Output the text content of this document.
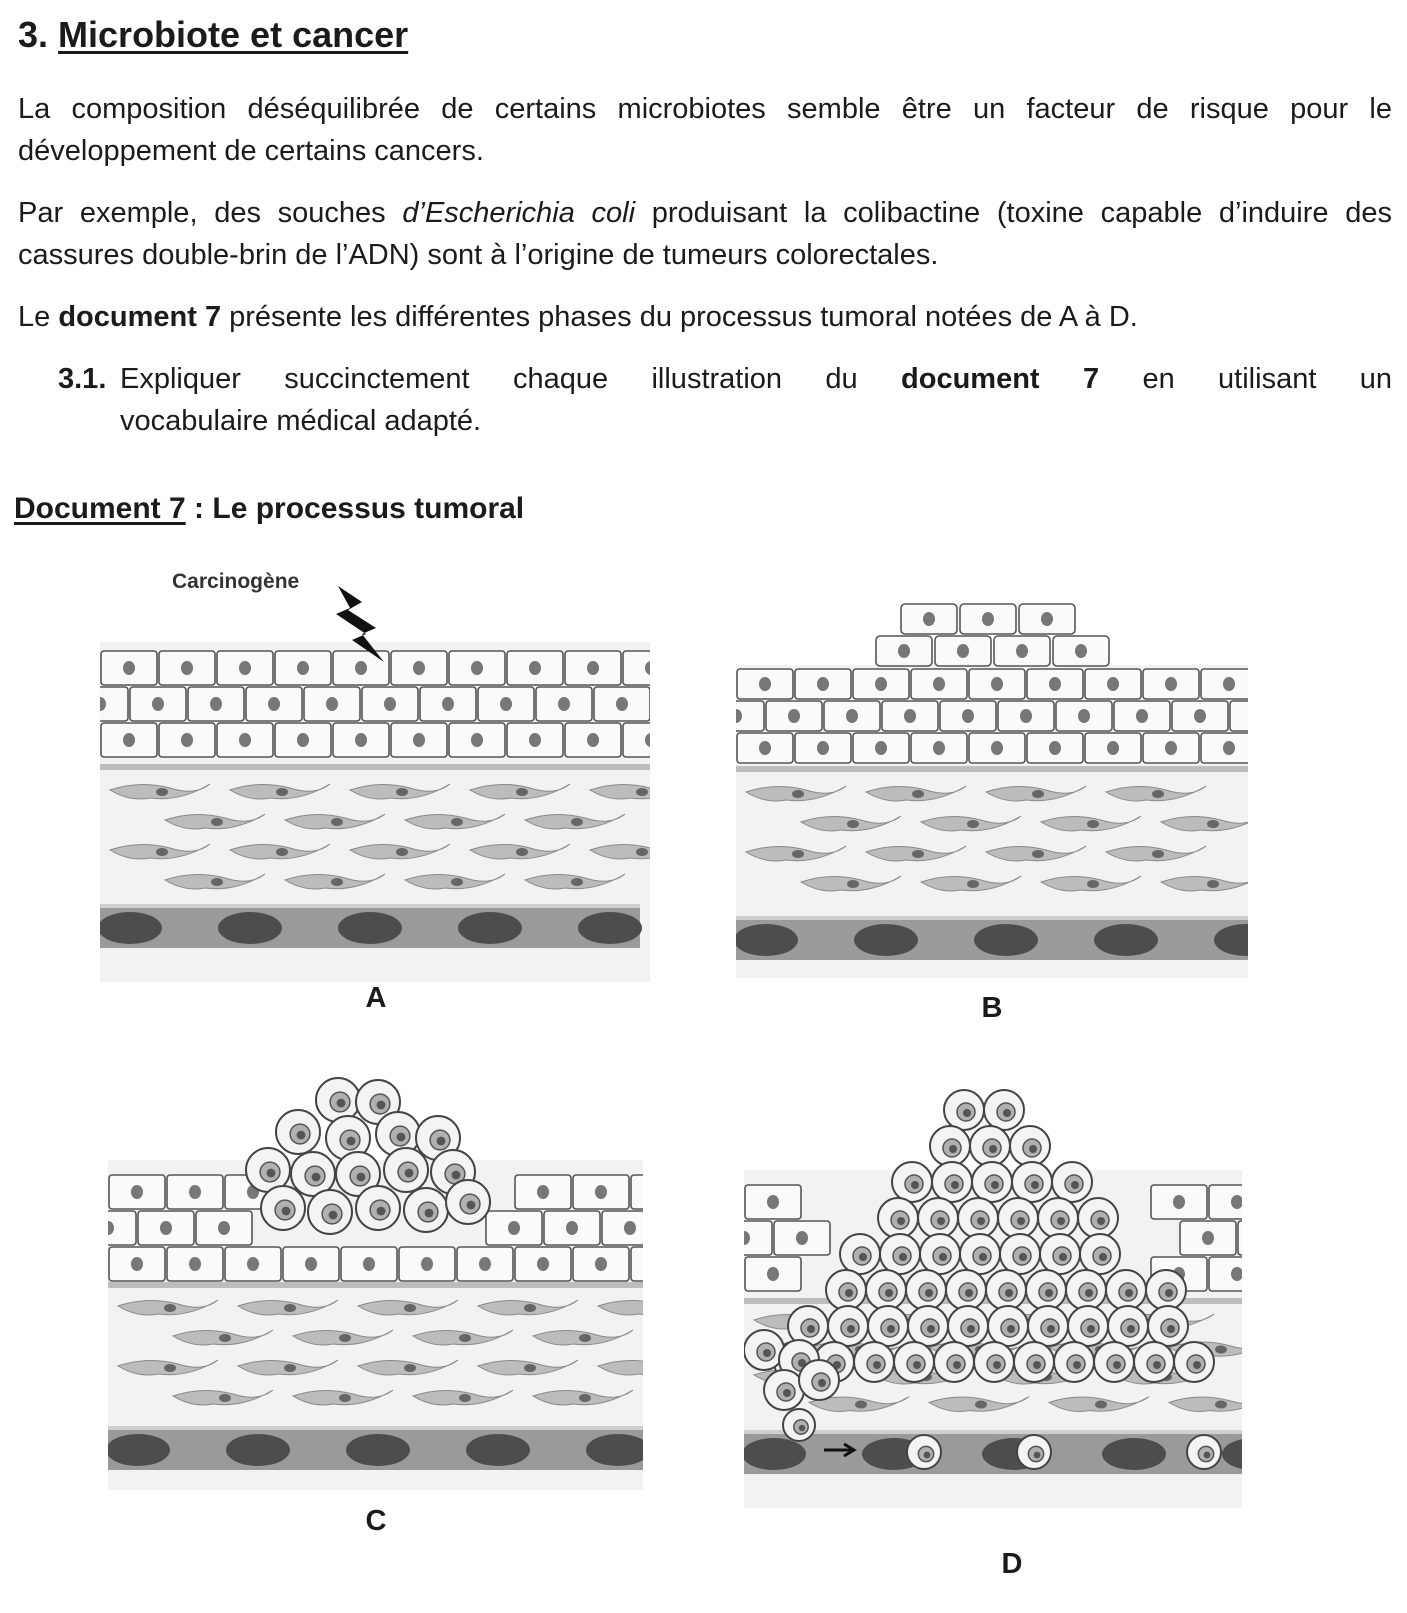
3. Microbiote et cancer

La composition déséquilibrée de certains microbiotes semble être un facteur de risque pour le développement de certains cancers.

Par exemple, des souches d’Escherichia coli produisant la colibactine (toxine capable d’induire des cassures double-brin de l’ADN) sont à l’origine de tumeurs colorectales.

Le document 7 présente les différentes phases du processus tumoral notées de A à D.

3.1. Expliquer succinctement chaque illustration du document 7 en utilisant un
vocabulaire médical adapté.
Document 7 : Le processus tumoral
Carcinogène
A	B
C
D
